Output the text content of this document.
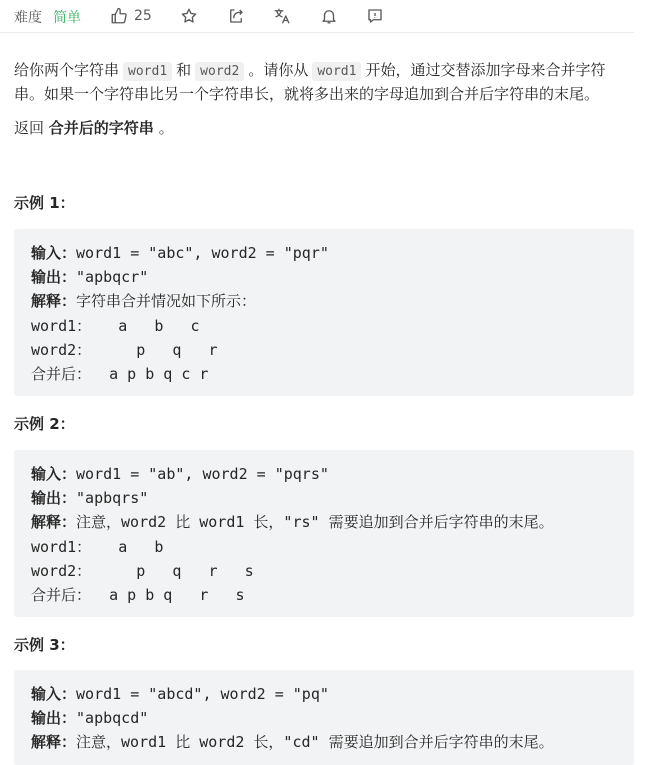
难度 简单	25
给你两个字符串 word1 和 word2 。请你从 word1 开始，通过交替添加字母来合并字符
串。如果一个字符串比另一个字符串长，就将多出来的字母追加到合并后字符串的末尾。
返回 合并后的字符串 。
示例 1：
输入：word1 = "abc", word2 = "pqr"
输出："apbqcr"
解释：字符串合并情况如下所示：
word1：   a   b   c
word2：     p   q   r
合并后：  a p b q c r
示例 2：
输入：word1 = "ab", word2 = "pqrs"
输出："apbqrs"
解释：注意，word2 比 word1 长，"rs" 需要追加到合并后字符串的末尾。
word1：   a   b
word2：     p   q   r   s
合并后：  a p b q   r   s
示例 3：
输入：word1 = "abcd", word2 = "pq"
输出："apbqcd"
解释：注意，word1 比 word2 长，"cd" 需要追加到合并后字符串的末尾。
